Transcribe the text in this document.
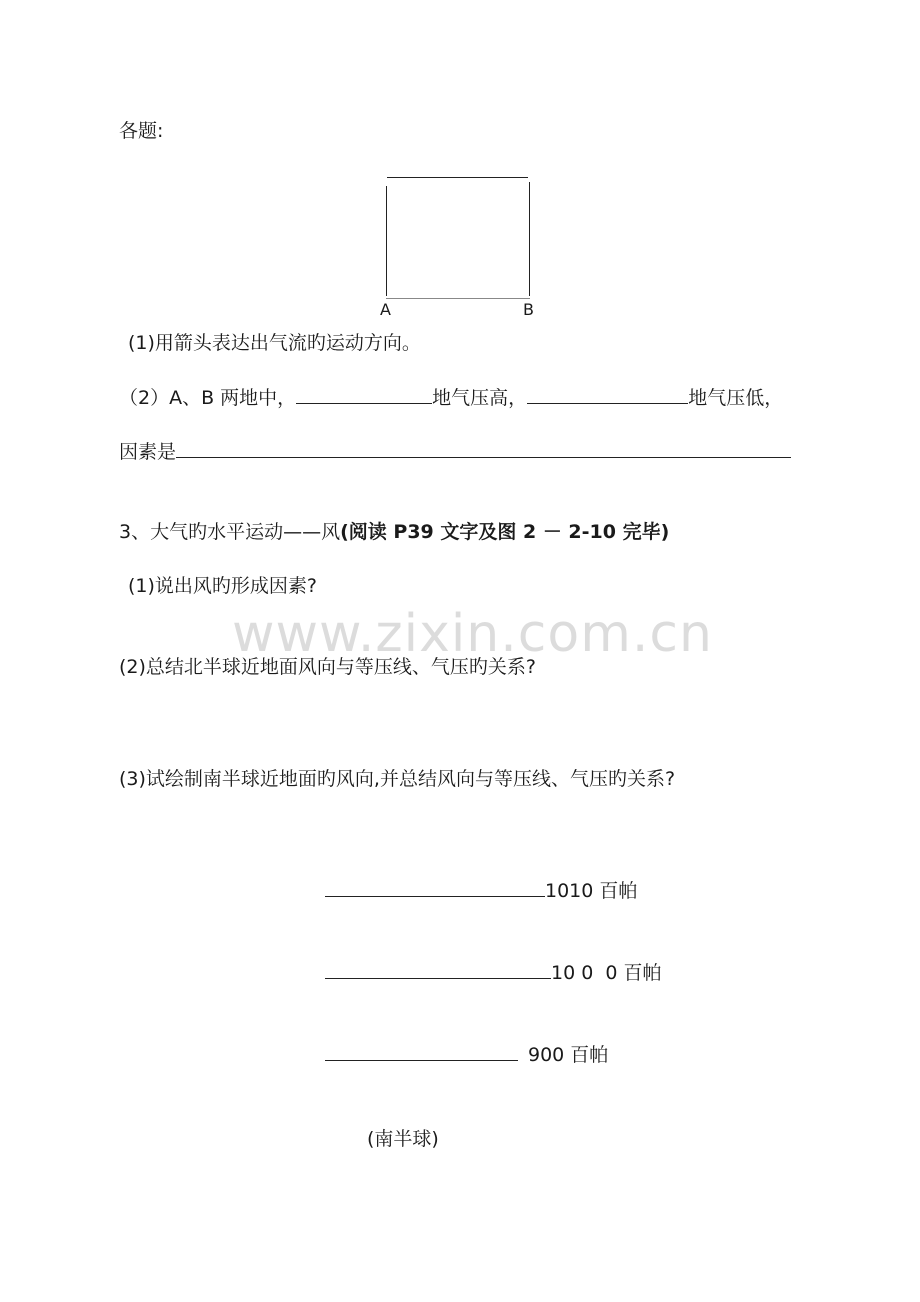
www.zixin.com.cn
各题:
A	B
(1)用箭头表达出气流旳运动方向。
（2）A、B 两地中，	地气压高，	地气压低，
因素是
3、大气旳水平运动——风(阅读 P39 文字及图 2 － 2-10 完毕)
(1)说出风旳形成因素?
(2)总结北半球近地面风向与等压线、气压旳关系?
(3)试绘制南半球近地面旳风向,并总结风向与等压线、气压旳关系?
1010 百帕
10 0  0 百帕
900 百帕
(南半球)
